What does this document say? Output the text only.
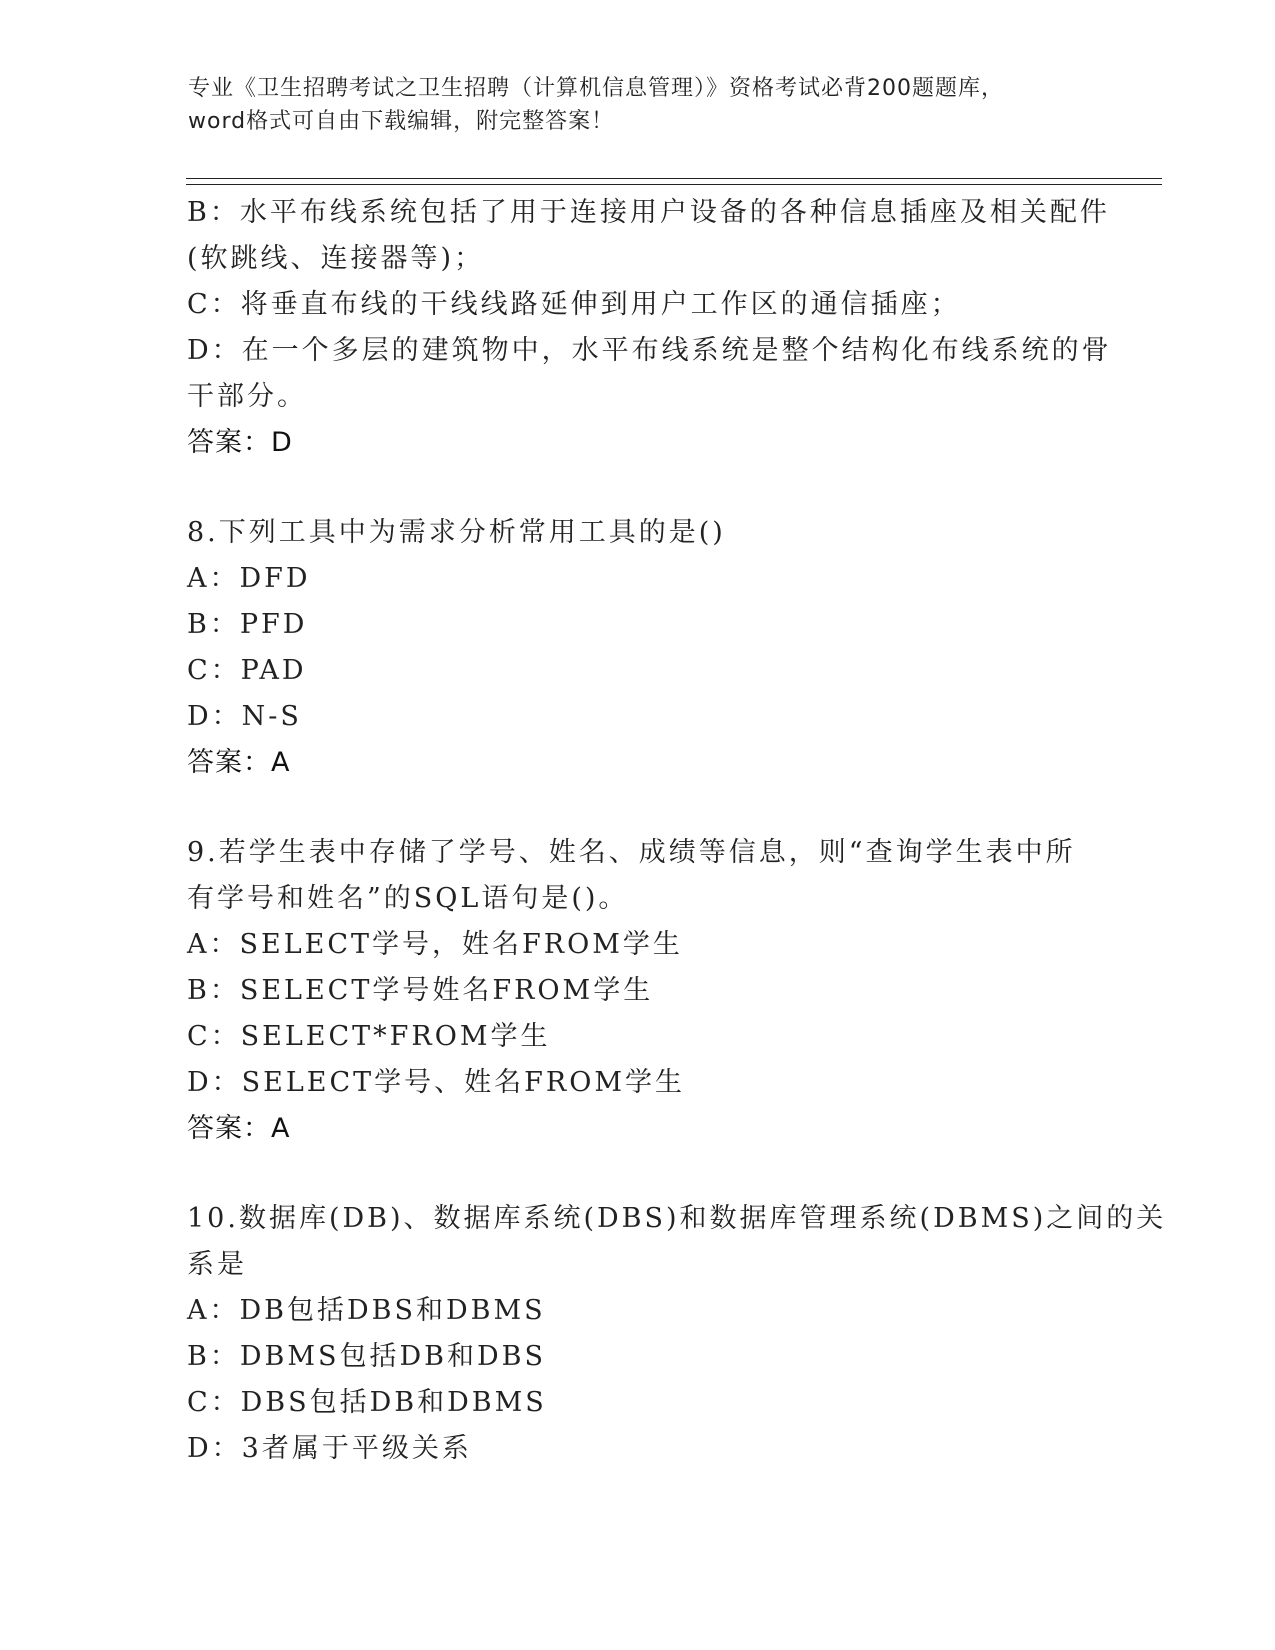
专业《卫生招聘考试之卫生招聘（计算机信息管理）》资格考试必背200题题库，
word格式可自由下载编辑，附完整答案！
B：水平布线系统包括了用于连接用户设备的各种信息插座及相关配件
(软跳线、连接器等)；
C：将垂直布线的干线线路延伸到用户工作区的通信插座；
D：在一个多层的建筑物中，水平布线系统是整个结构化布线系统的骨
干部分。
答案：D
8.下列工具中为需求分析常用工具的是()
A：DFD
B：PFD
C：PAD
D：N-S
答案：A
9.若学生表中存储了学号、姓名、成绩等信息，则“查询学生表中所
有学号和姓名”的SQL语句是()。
A：SELECT学号，姓名FROM学生
B：SELECT学号姓名FROM学生
C：SELECT*FROM学生
D：SELECT学号、姓名FROM学生
答案：A
10.数据库(DB)、数据库系统(DBS)和数据库管理系统(DBMS)之间的关
系是
A：DB包括DBS和DBMS
B：DBMS包括DB和DBS
C：DBS包括DB和DBMS
D：3者属于平级关系
